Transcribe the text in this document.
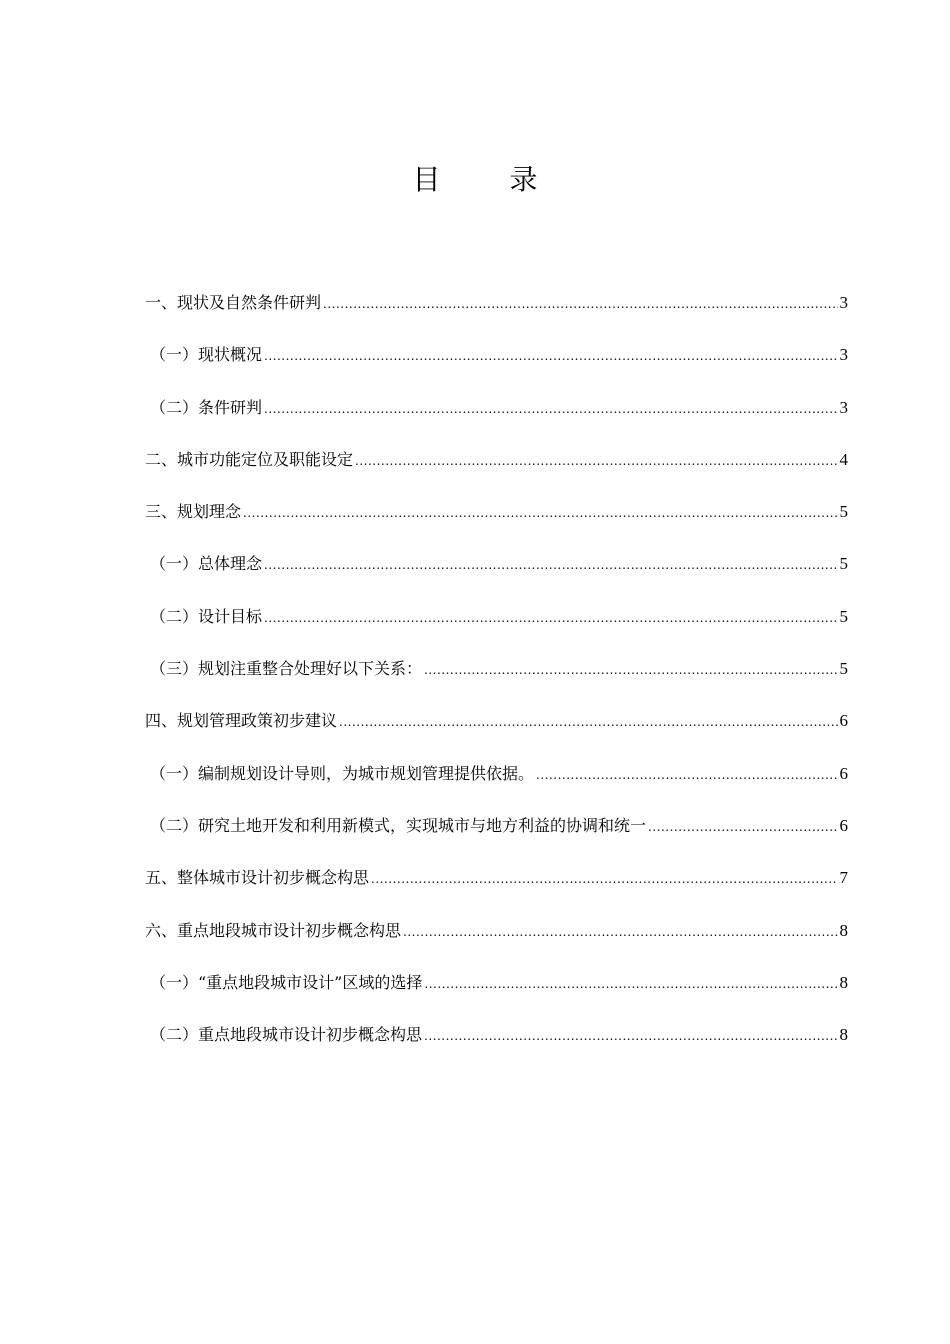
目 录
一、现状及自然条件研判 .....	3
（一）现状概况 .....	3
（二）条件研判 .....	3
二、城市功能定位及职能设定 .....	4
三、规划理念 .....	5
（一）总体理念 .....	5
（二）设计目标 .....	5
（三）规划注重整合处理好以下关系： .....	5
四、规划管理政策初步建议 .....	6
（一）编制规划设计导则，为城市规划管理提供依据。 .....	6
（二）研究土地开发和利用新模式，实现城市与地方利益的协调和统一 .....	6
五、整体城市设计初步概念构思 .....	7
六、重点地段城市设计初步概念构思 .....	8
（一）“重点地段城市设计”区域的选择 .....	8
（二）重点地段城市设计初步概念构思 .....	8
